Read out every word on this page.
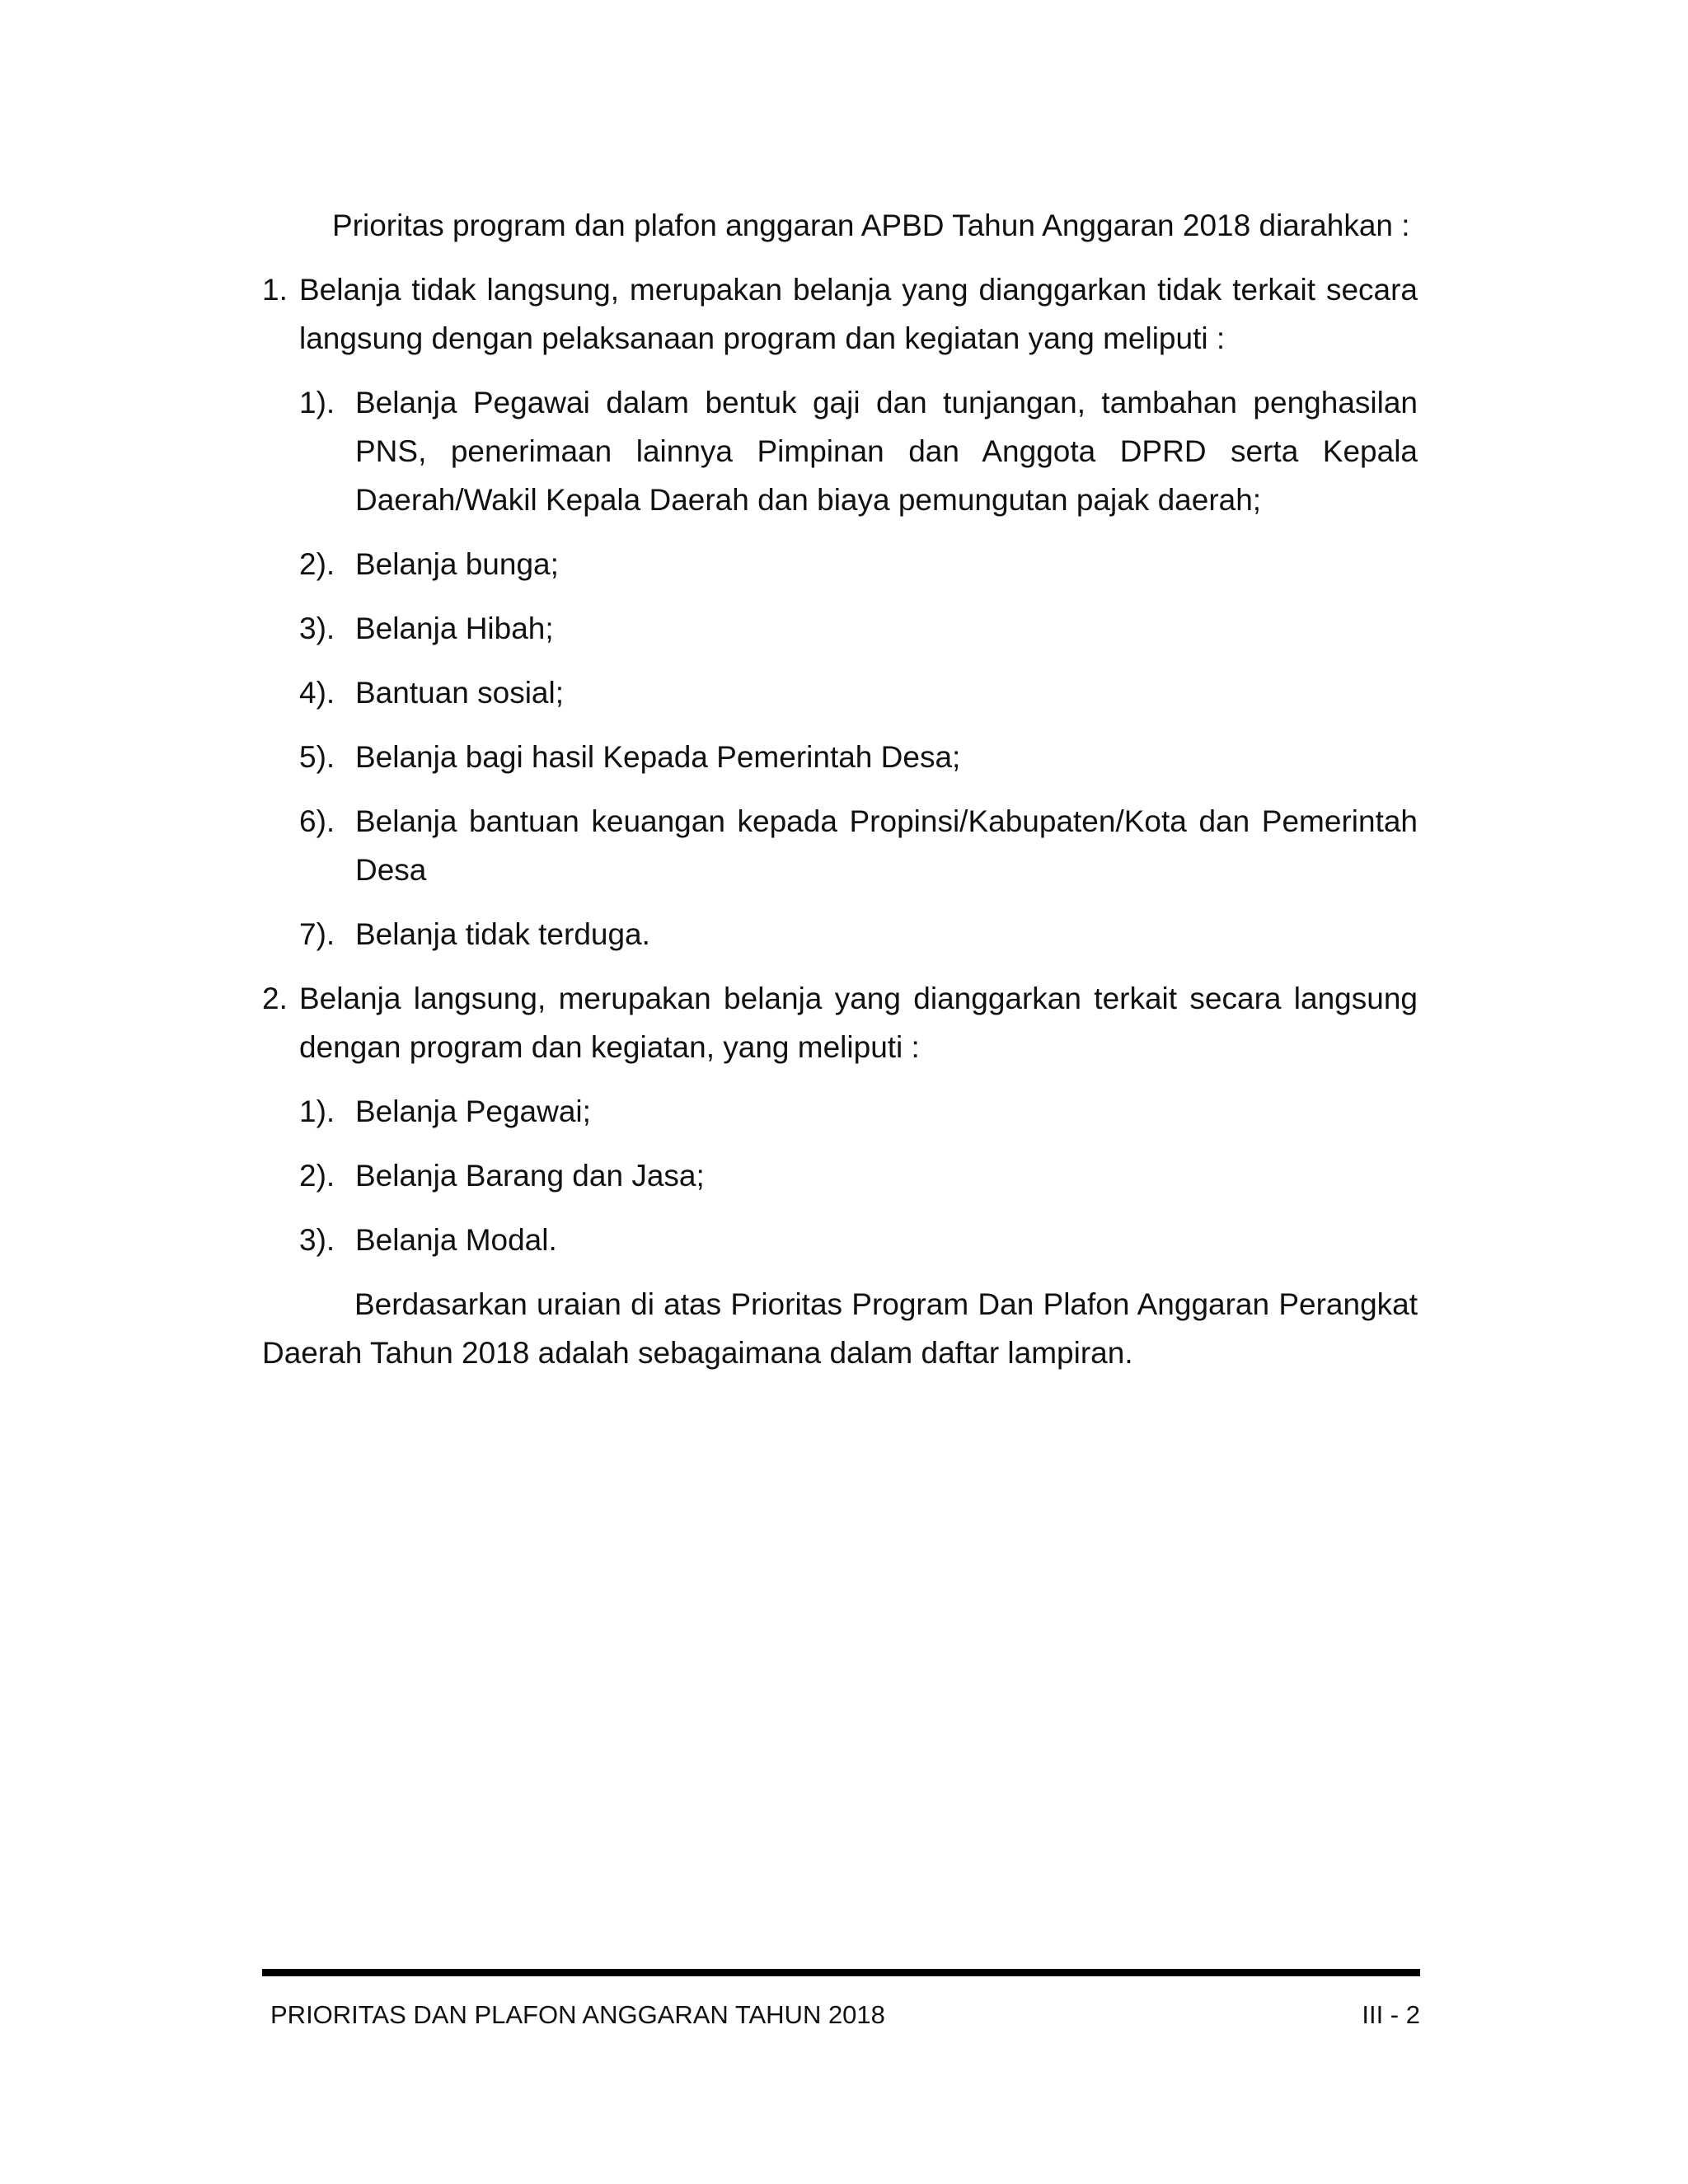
Prioritas program dan plafon anggaran APBD Tahun Anggaran 2018 diarahkan :

1. Belanja tidak langsung, merupakan belanja yang dianggarkan tidak terkait secara langsung dengan pelaksanaan program dan kegiatan yang meliputi :
1). Belanja Pegawai dalam bentuk gaji dan tunjangan, tambahan penghasilan PNS, penerimaan lainnya Pimpinan dan Anggota DPRD serta Kepala Daerah/Wakil Kepala Daerah dan biaya pemungutan pajak daerah;
2). Belanja bunga;
3). Belanja Hibah;
4). Bantuan sosial;
5). Belanja bagi hasil Kepada Pemerintah Desa;
6). Belanja bantuan keuangan kepada Propinsi/Kabupaten/Kota dan Pemerintah Desa
7). Belanja tidak terduga.
2. Belanja langsung, merupakan belanja yang dianggarkan terkait secara langsung dengan program dan kegiatan, yang meliputi :
1). Belanja Pegawai;
2). Belanja Barang dan Jasa;
3). Belanja Modal.

Berdasarkan uraian di atas Prioritas Program Dan Plafon Anggaran Perangkat Daerah Tahun 2018 adalah sebagaimana dalam daftar lampiran.

PRIORITAS DAN PLAFON ANGGARAN TAHUN 2018	III - 2
